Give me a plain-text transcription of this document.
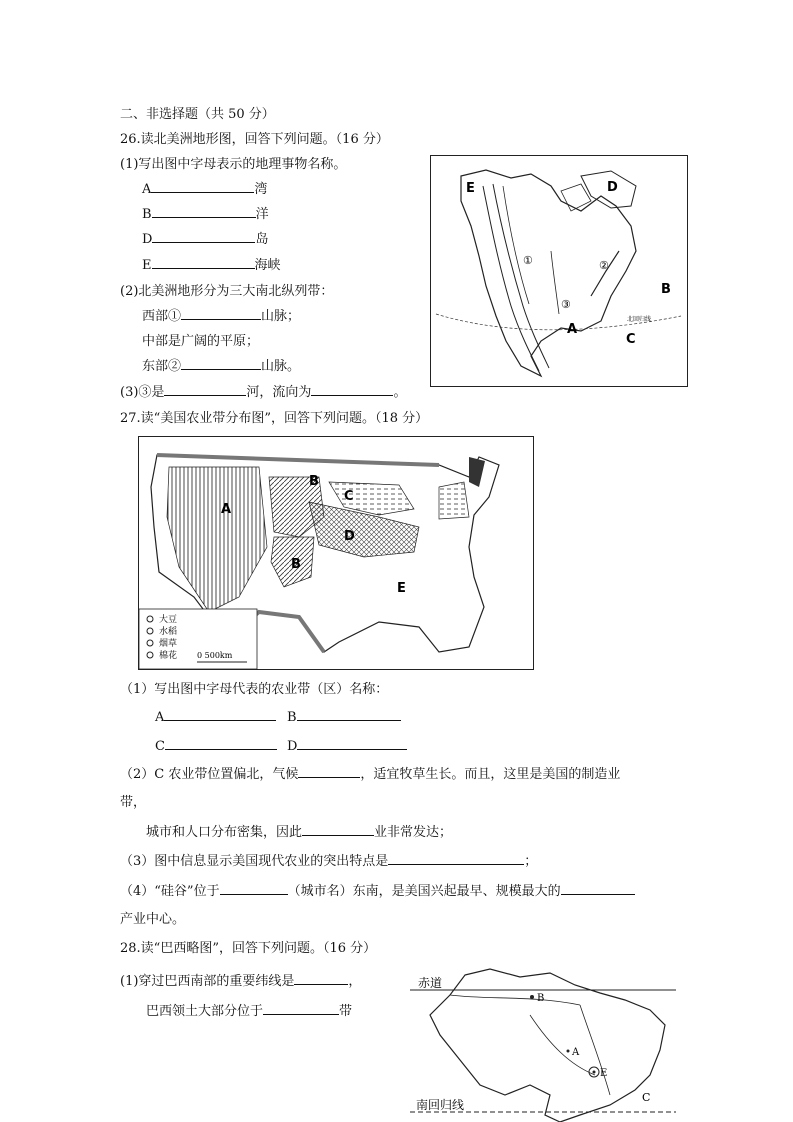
二、非选择题（共 50 分）
26.读北美洲地形图，回答下列问题。（16 分）
(1)写出图中字母表示的地理事物名称。
A	湾
B	洋
D	岛
E	海峡
(2)北美洲地形分为三大南北纵列带：
西部①	山脉；
中部是广阔的平原；
东部②	山脉。
(3)③是	河，流向为	。
E	D
B
A
C
①	②
③
北回归线
27.读“美国农业带分布图”，回答下列问题。（18 分）
B
C
A
D
B
E
大豆
水稻
烟草
棉花 0 500km
（1）写出图中字母代表的农业带（区）名称：
A	B
C	D
（2）C 农业带位置偏北，气候	，适宜牧草生长。而且，这里是美国的制造业
带，
城市和人口分布密集，因此	业非常发达；
（3）图中信息显示美国现代农业的突出特点是	；
（4）“硅谷”位于	（城市名）东南，是美国兴起最早、规模最大的
产业中心。
28.读“巴西略图”，回答下列问题。（16 分）
(1)穿过巴西南部的重要纬线是	，
巴西领土大部分位于	带
赤道
南回归线
B
A
E
C
